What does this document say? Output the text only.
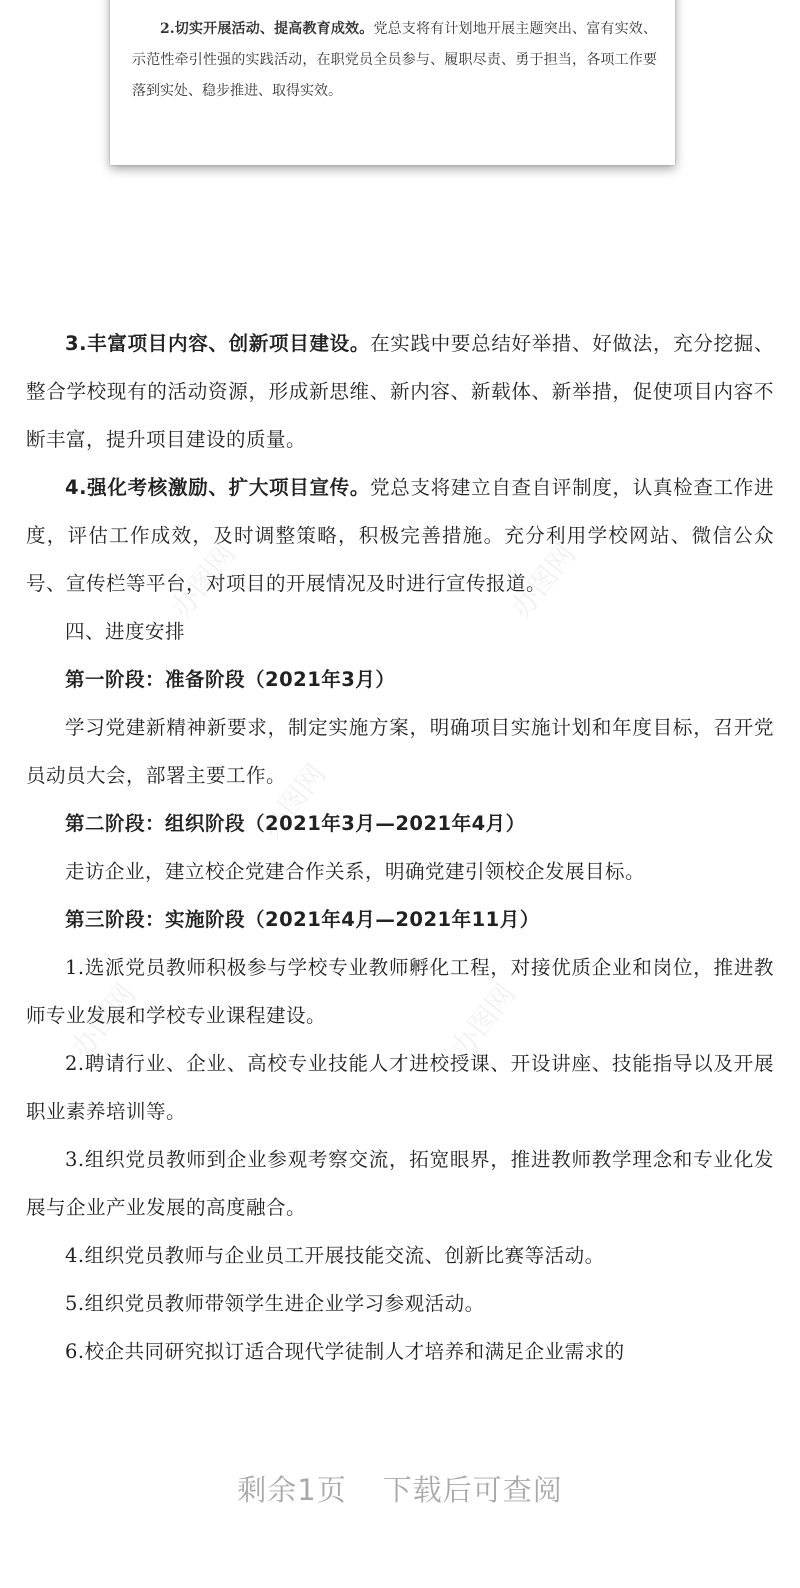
办图网	办图网
办图网
办图网	办图网

2.切实开展活动、提高教育成效。党总支将有计划地开展主题突出、富有实效、示范性牵引性强的实践活动，在职党员全员参与、履职尽责、勇于担当，各项工作要落到实处、稳步推进、取得实效。

3.丰富项目内容、创新项目建设。在实践中要总结好举措、好做法，充分挖掘、整合学校现有的活动资源，形成新思维、新内容、新载体、新举措，促使项目内容不断丰富，提升项目建设的质量。

4.强化考核激励、扩大项目宣传。党总支将建立自查自评制度，认真检查工作进度，评估工作成效，及时调整策略，积极完善措施。充分利用学校网站、微信公众号、宣传栏等平台，对项目的开展情况及时进行宣传报道。

四、进度安排

第一阶段：准备阶段（2021年3月）

学习党建新精神新要求，制定实施方案，明确项目实施计划和年度目标，召开党员动员大会，部署主要工作。

第二阶段：组织阶段（2021年3月—2021年4月）

走访企业，建立校企党建合作关系，明确党建引领校企发展目标。

第三阶段：实施阶段（2021年4月—2021年11月）

1.选派党员教师积极参与学校专业教师孵化工程，对接优质企业和岗位，推进教师专业发展和学校专业课程建设。

2.聘请行业、企业、高校专业技能人才进校授课、开设讲座、技能指导以及开展职业素养培训等。

3.组织党员教师到企业参观考察交流，拓宽眼界，推进教师教学理念和专业化发展与企业产业发展的高度融合。

4.组织党员教师与企业员工开展技能交流、创新比赛等活动。

5.组织党员教师带领学生进企业学习参观活动。

6.校企共同研究拟订适合现代学徒制人才培养和满足企业需求的

剩余1页 下载后可查阅
